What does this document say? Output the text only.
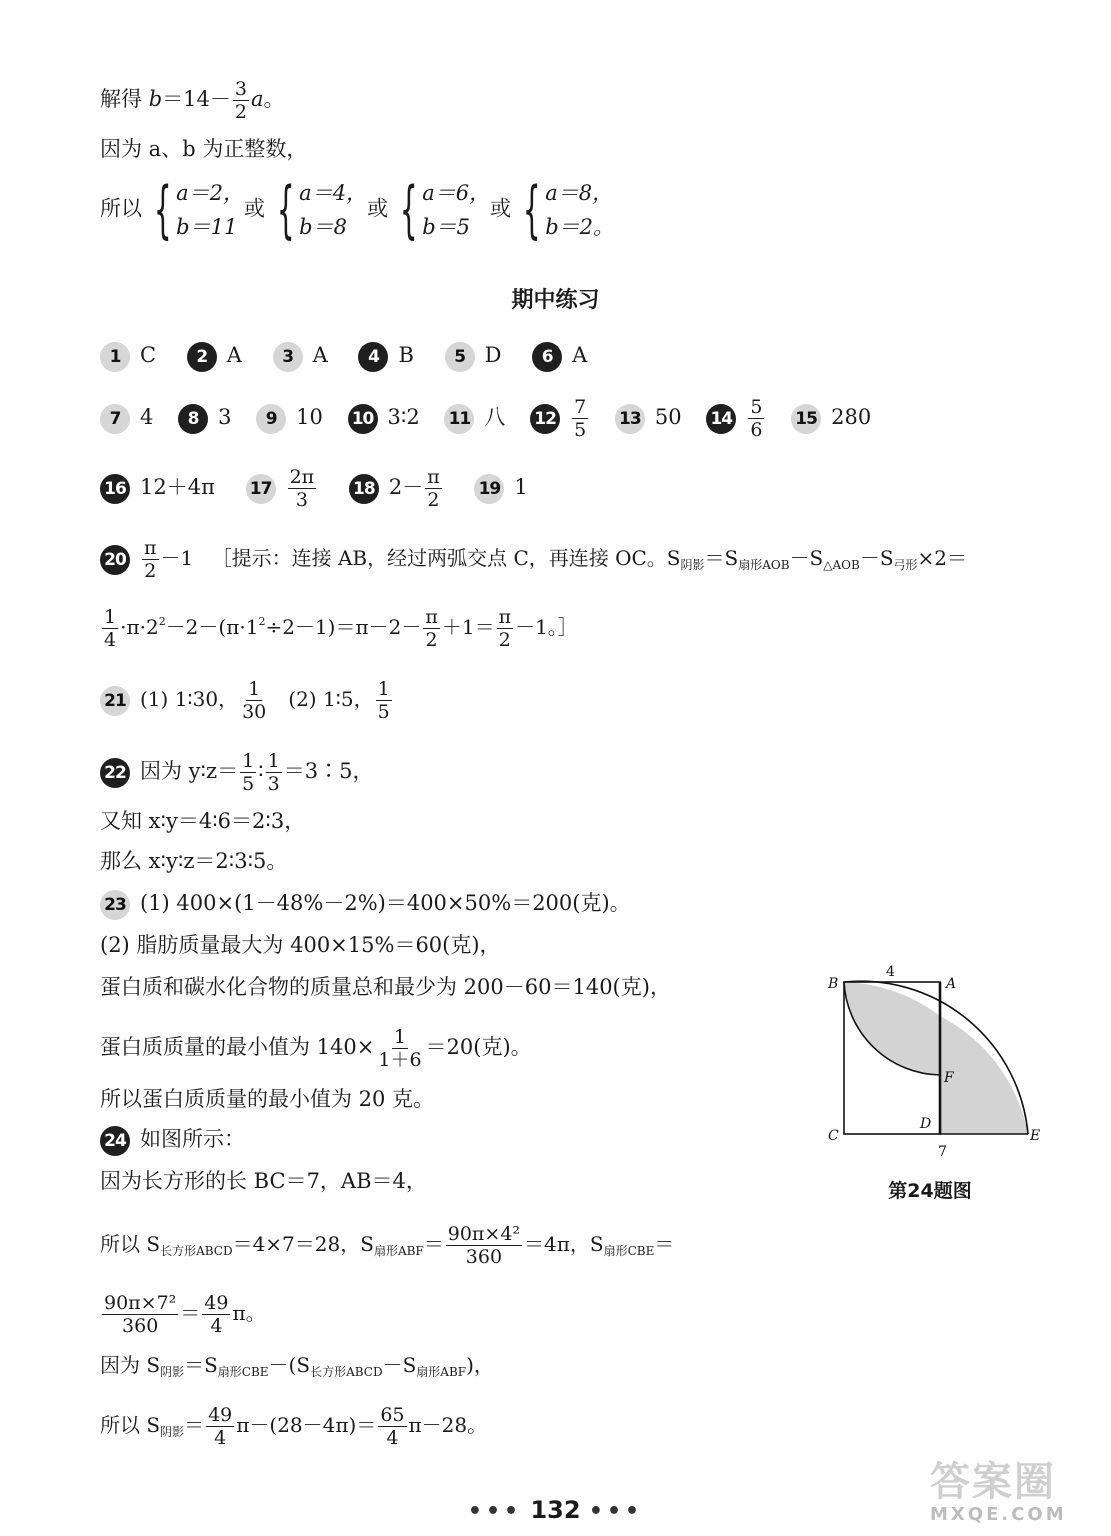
解得 $b=14- \frac{3}{2}$ a。
因为 a、b 为正整数，
所以 { a＝2，
b＝11
或 { a＝4，
b＝8
或 { a＝6，
b＝5
或 { a＝8，
b＝2。
期中练习
1 C 2 A 3 A 4 B 5 D 6 A
7 4 8 3 9 10 10 3∶2 11 八 $12 \frac{7}{5} 13$ 50 $14 \frac{5}{6} 15$ 280
16 12＋4π $17 \frac{2\pi}{3} 18$ $2- \frac{\pi}{2} 19$ 1
$20 \frac{\pi}{2} -1$ ［提示：连接 AB，经过两弧交点 C，再连接 OC。$S_{阴影}=S_{扇形AOB}-S_{\triangle AOB}-S_{弓形}\times 2=$
$\frac{1}{4} \cdot\pi\cdot 2^2-2-(\pi\cdot 1^2\div 2-1)=\pi-2- \frac{\pi}{2} +1= \frac{\pi}{2} -1$。］
21 (1) 1∶30， $\frac{1}{30} (2)$ 1∶5， $\frac{1}{5}$
22 因为 y∶z＝ $\frac{1}{5}$ ∶ $\frac{1}{3}$ ＝3∶5，
又知 x∶y＝4∶6＝2∶3，
那么 x∶y∶z＝2∶3∶5。
23 (1) 400×(1－48%－2%)＝400×50%＝200(克)。
(2) 脂肪质量最大为 400×15%＝60(克)，
蛋白质和碳水化合物的质量总和最少为 200－60＝140(克)，
蛋白质质量的最小值为 $140\times \frac{1}{1+6} =20$(克)。
所以蛋白质质量的最小值为 20 克。
24 如图所示：
因为长方形的长 BC＝7，AB＝4，
所以 $S_{长方形ABCD}=4\times 7=28$，$S_{扇形ABF}= \frac{\text{90π×4²}}{360} =4\pi$，$S_{扇形CBE}=$
$\frac{\text{90π×7²}}{360} = \frac{49}{4}$ π。
因为 $S_{阴影}=S_{扇形CBE}-(S_{长方形ABCD}-S_{扇形ABF})$，
所以 $S_{阴影}= \frac{49}{4} \pi-(28-4\pi)= \frac{65}{4} \pi-28$。
B	A
C
D
E
F
4
7
第24题图
••• 132 •••
答案圈
MXQE.COM
